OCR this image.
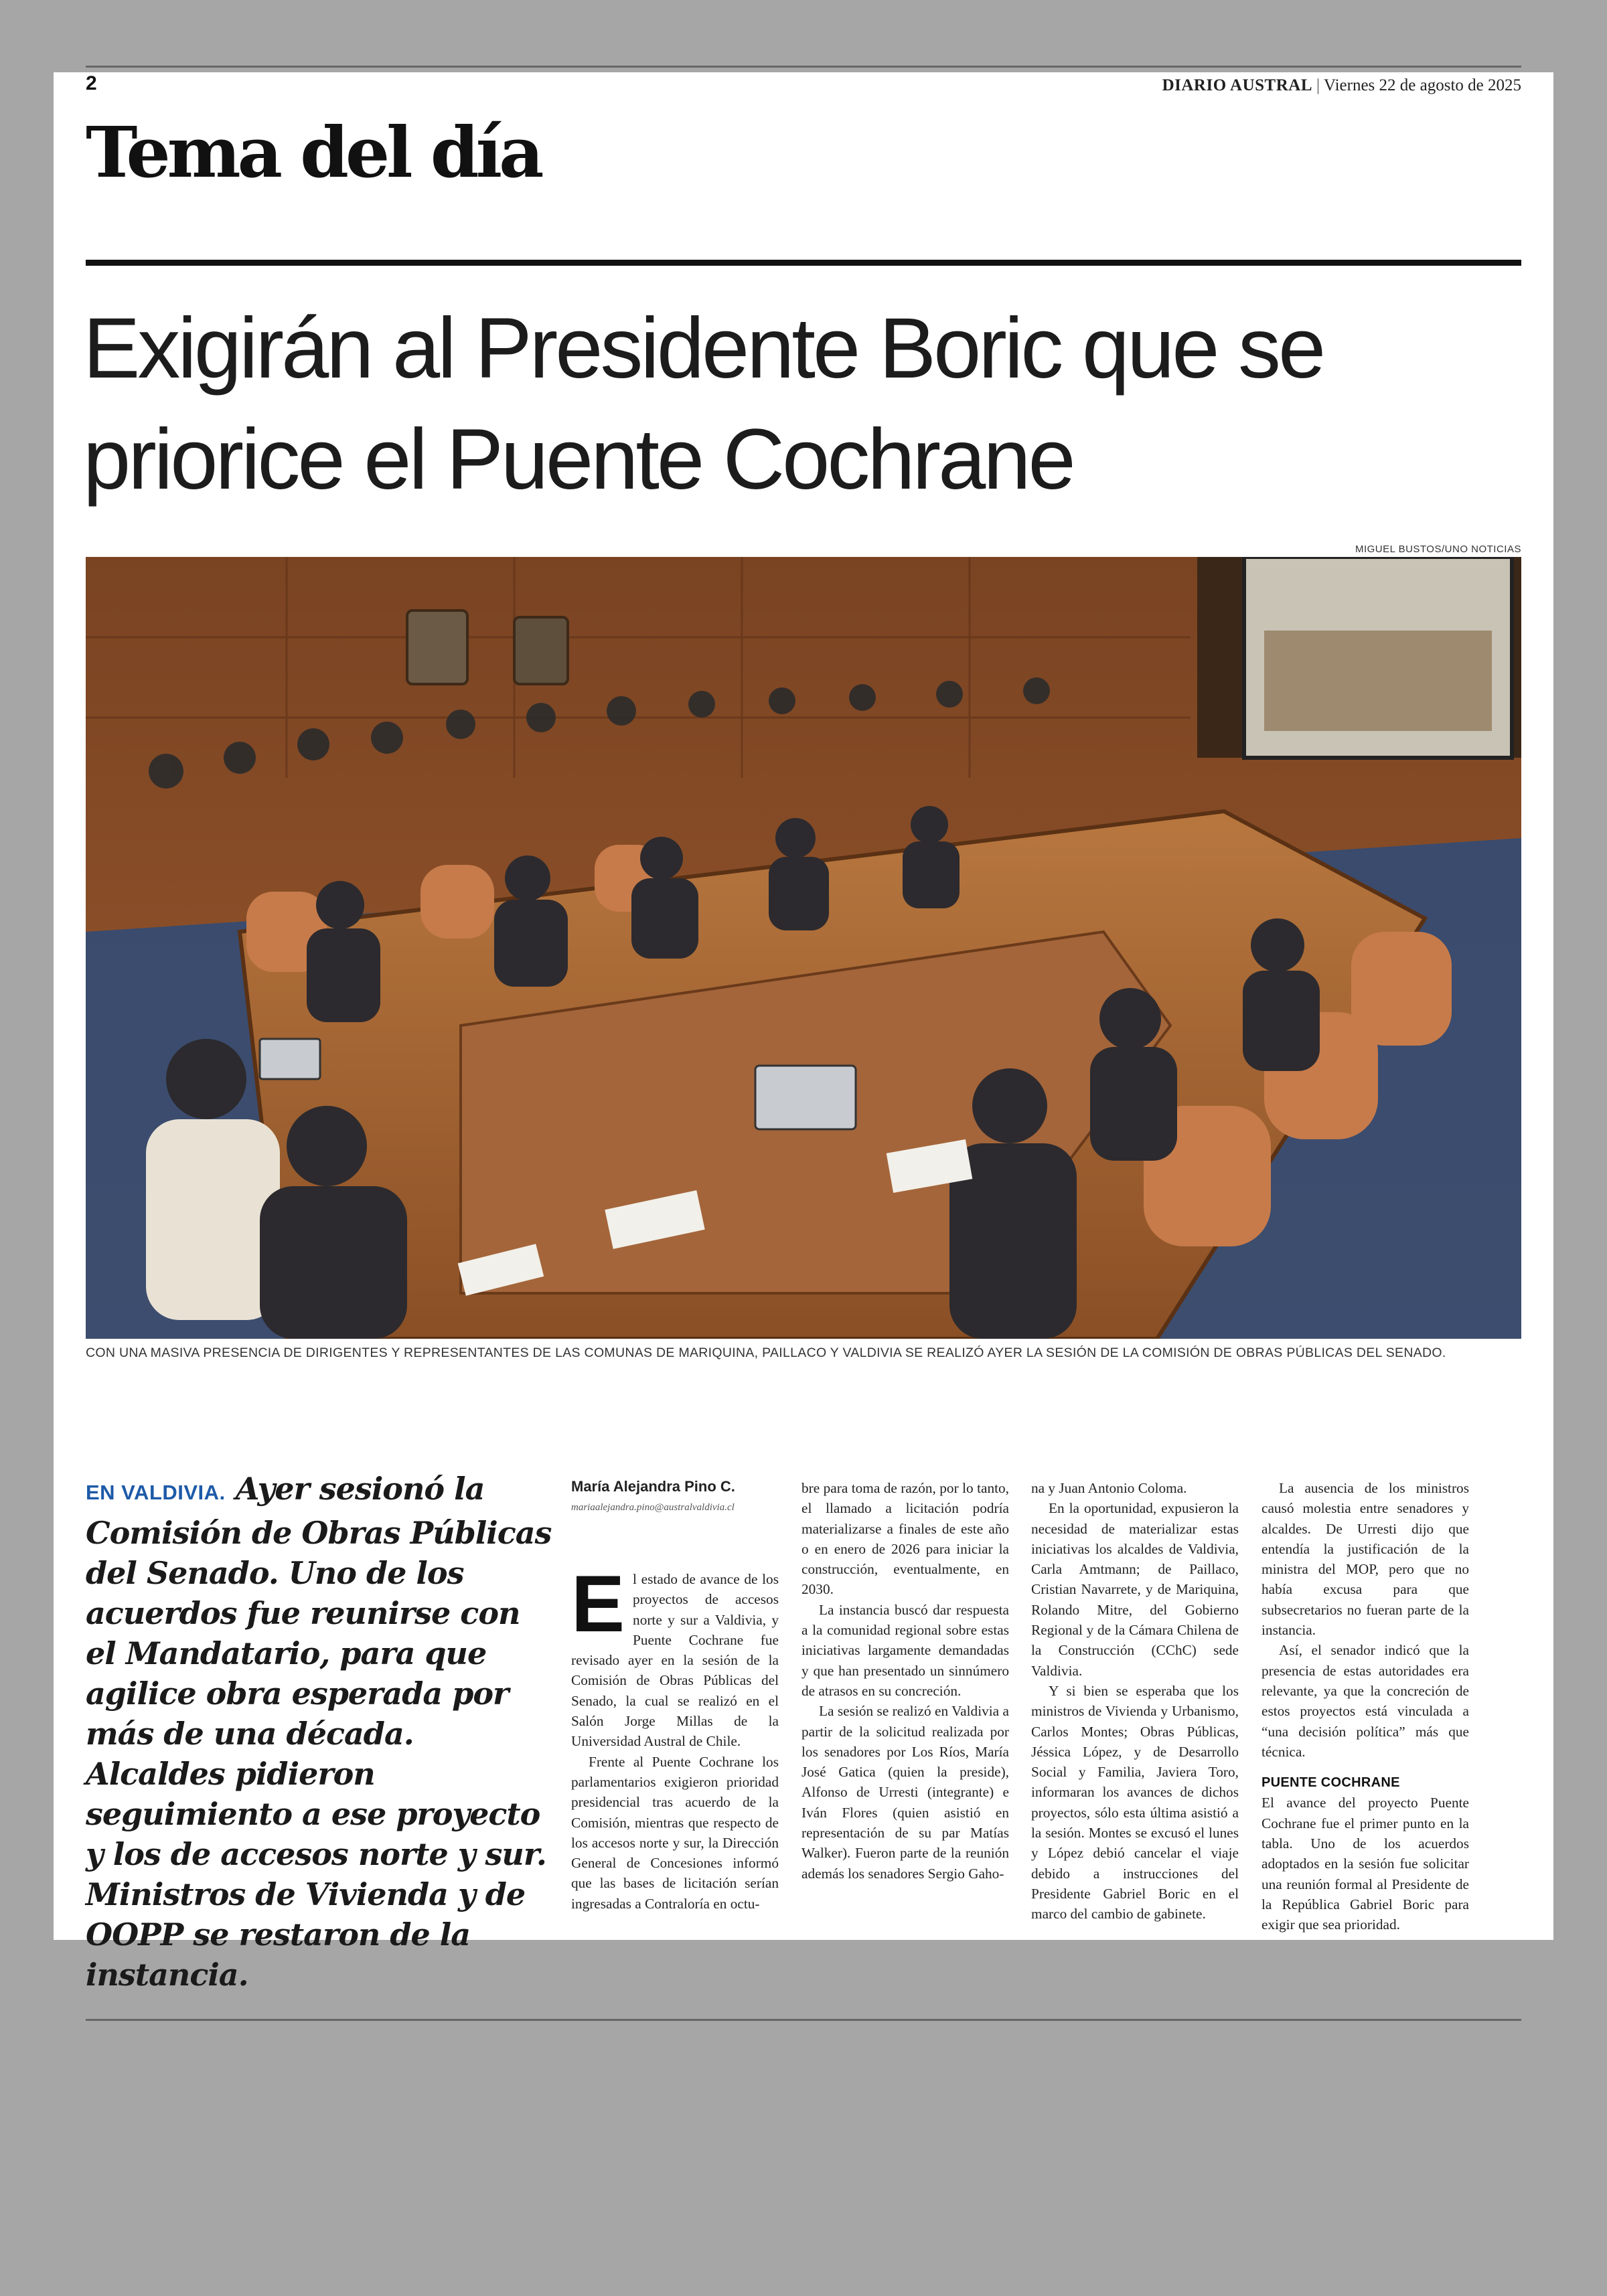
2	DIARIO AUSTRAL | Viernes 22 de agosto de 2025
Tema del día
Exigirán al Presidente Boric que se priorice el Puente Cochrane
MIGUEL BUSTOS/UNO NOTICIAS
CON UNA MASIVA PRESENCIA DE DIRIGENTES Y REPRESENTANTES DE LAS COMUNAS DE MARIQUINA, PAILLACO Y VALDIVIA SE REALIZÓ AYER LA SESIÓN DE LA COMISIÓN DE OBRAS PÚBLICAS DEL SENADO.
EN VALDIVIA. Ayer sesionó la Comisión de Obras Públicas del Senado. Uno de los acuerdos fue reunirse con el Mandatario, para que agilice obra esperada por más de una década. Alcaldes pidieron seguimiento a ese proyecto y los de accesos norte y sur. Ministros de Vivienda y de OOPP se restaron de la instancia.
María Alejandra Pino C.
mariaalejandra.pino@australvaldivia.cl

El estado de avance de los proyectos de accesos norte y sur a Valdivia, y Puente Cochrane fue revisado ayer en la sesión de la Comisión de Obras Públicas del Senado, la cual se realizó en el Salón Jorge Millas de la Universidad Austral de Chile.

Frente al Puente Cochrane los parlamentarios exigieron prioridad presidencial tras acuerdo de la Comisión, mientras que respecto de los accesos norte y sur, la Dirección General de Concesiones informó que las bases de licitación serían ingresadas a Contraloría en octu-

bre para toma de razón, por lo tanto, el llamado a licitación podría materializarse a finales de este año o en enero de 2026 para iniciar la construcción, eventualmente, en 2030.

La instancia buscó dar respuesta a la comunidad regional sobre estas iniciativas largamente demandadas y que han presentado un sinnúmero de atrasos en su concreción.

La sesión se realizó en Valdivia a partir de la solicitud realizada por los senadores por Los Ríos, María José Gatica (quien la preside), Alfonso de Urresti (integrante) e Iván Flores (quien asistió en representación de su par Matías Walker). Fueron parte de la reunión además los senadores Sergio Gaho-

na y Juan Antonio Coloma.

En la oportunidad, expusieron la necesidad de materializar estas iniciativas los alcaldes de Valdivia, Carla Amtmann; de Paillaco, Cristian Navarrete, y de Mariquina, Rolando Mitre, del Gobierno Regional y de la Cámara Chilena de la Construcción (CChC) sede Valdivia.

Y si bien se esperaba que los ministros de Vivienda y Urbanismo, Carlos Montes; Obras Públicas, Jéssica López, y de Desarrollo Social y Familia, Javiera Toro, informaran los avances de dichos proyectos, sólo esta última asistió a la sesión. Montes se excusó el lunes y López debió cancelar el viaje debido a instrucciones del Presidente Gabriel Boric en el marco del cambio de gabinete.

La ausencia de los ministros causó molestia entre senadores y alcaldes. De Urresti dijo que entendía la justificación de la ministra del MOP, pero que no había excusa para que subsecretarios no fueran parte de la instancia.

Así, el senador indicó que la presencia de estas autoridades era relevante, ya que la concreción de estos proyectos está vinculada a “una decisión política” más que técnica.

PUENTE COCHRANE

El avance del proyecto Puente Cochrane fue el primer punto en la tabla. Uno de los acuerdos adoptados en la sesión fue solicitar una reunión formal al Presidente de la República Gabriel Boric para exigir que sea prioridad.
